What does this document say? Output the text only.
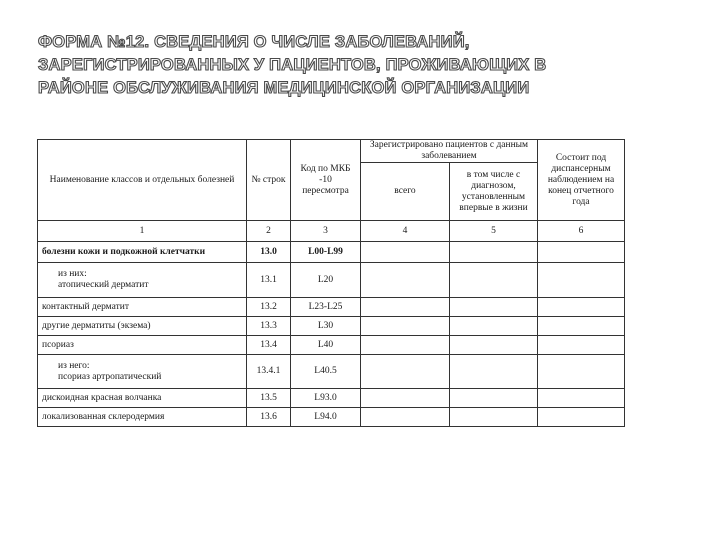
ФОРМА №12. СВЕДЕНИЯ О ЧИСЛЕ ЗАБОЛЕВАНИЙ,
ЗАРЕГИСТРИРОВАННЫХ У ПАЦИЕНТОВ, ПРОЖИВАЮЩИХ В
РАЙОНЕ ОБСЛУЖИВАНИЯ МЕДИЦИНСКОЙ ОРГАНИЗАЦИИ
Наименование классов и отдельных болезней	№ строк	Код по МКБ -10 пересмотра	Зарегистрировано пациентов с данным заболеванием		Состоит под диспансерным наблюдением на конец отчетного года
			всего	в том числе с диагнозом, установленным впервые в жизни	
1	2	3	4	5	6
болезни кожи и подкожной клетчатки	13.0	L00-L99			

из них:
атопический дерматит	13.1	L20			
контактный дерматит	13.2	L23-L25			
другие дерматиты (экзема)	13.3	L30			
псориаз	13.4	L40			

из него:
псориаз артропатический	13.4.1	L40.5			
дискоидная красная волчанка	13.5	L93.0			
локализованная склеродермия	13.6	L94.0			
